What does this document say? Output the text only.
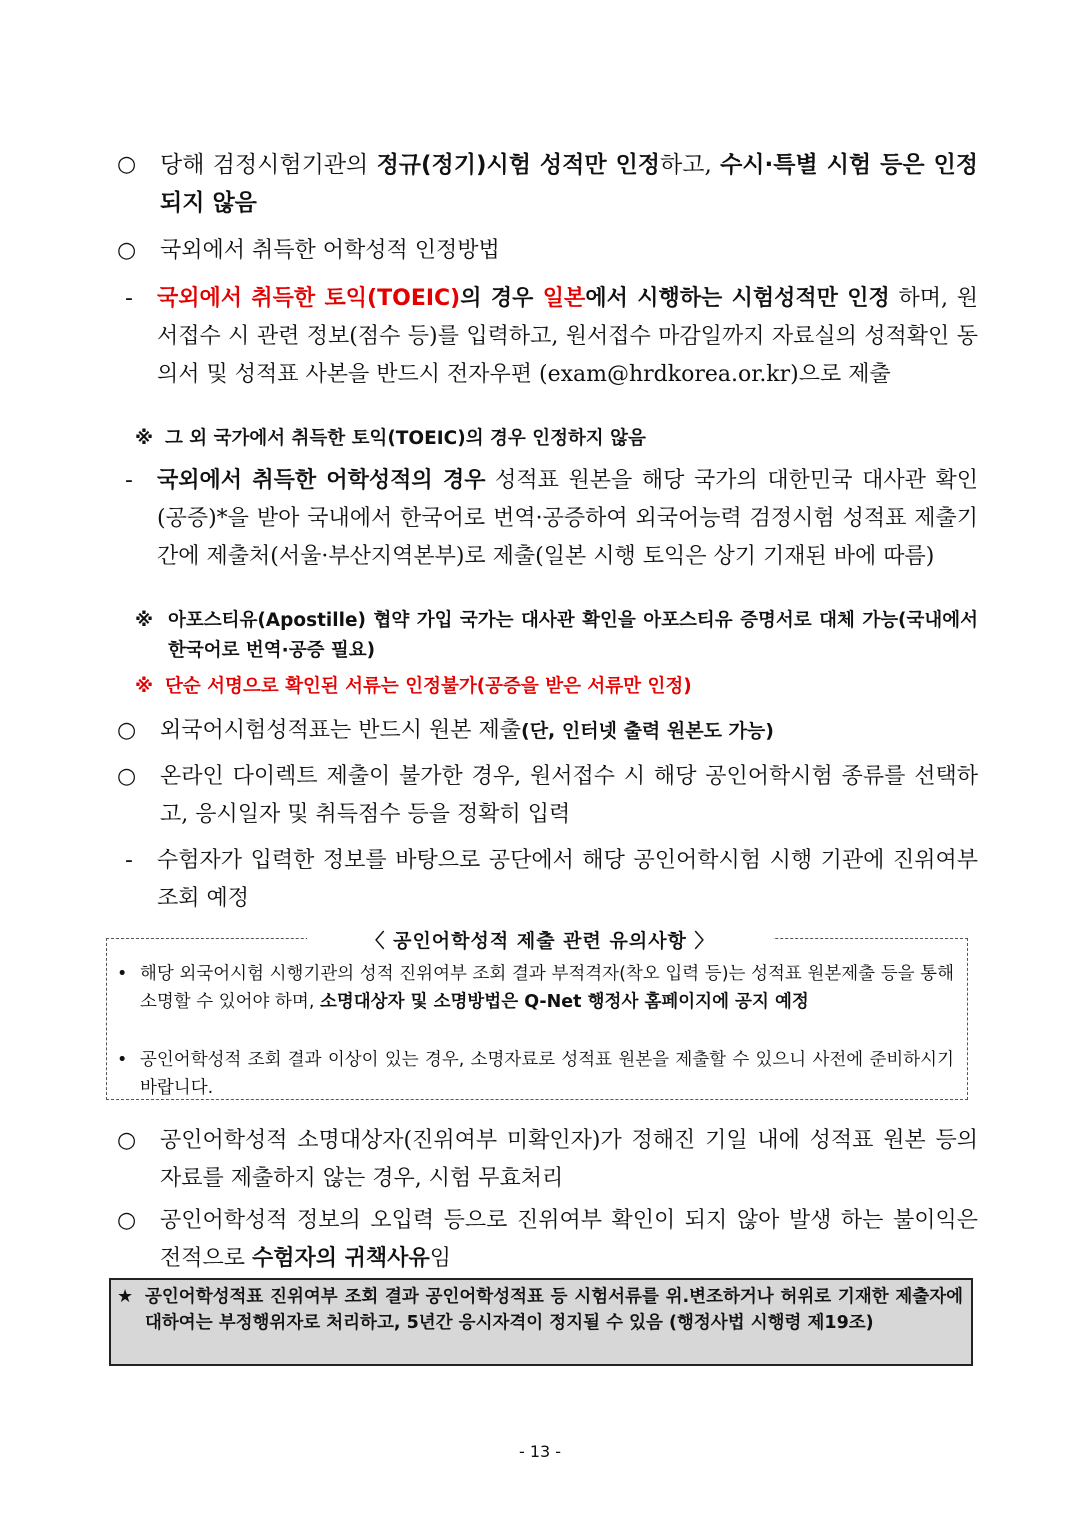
○ 당해 검정시험기관의 정규(정기)시험 성적만 인정하고, 수시·특별 시험 등은 인정되지 않음
○ 국외에서 취득한 어학성적 인정방법
- 국외에서 취득한 토익(TOEIC)의 경우 일본에서 시행하는 시험성적만 인정 하며, 원서접수 시 관련 정보(점수 등)를 입력하고, 원서접수 마감일까지 자료실의 성적확인 동의서 및 성적표 사본을 반드시 전자우편 (exam@hrdkorea.or.kr)으로 제출
※ 그 외 국가에서 취득한 토익(TOEIC)의 경우 인정하지 않음
- 국외에서 취득한 어학성적의 경우 성적표 원본을 해당 국가의 대한민국 대사관 확인(공증)*을 받아 국내에서 한국어로 번역·공증하여 외국어능력 검정시험 성적표 제출기간에 제출처(서울·부산지역본부)로 제출(일본 시행 토익은 상기 기재된 바에 따름)
※ 아포스티유(Apostille) 협약 가입 국가는 대사관 확인을 아포스티유 증명서로 대체 가능(국내에서 한국어로 번역·공증 필요)
※ 단순 서명으로 확인된 서류는 인정불가(공증을 받은 서류만 인정)
○ 외국어시험성적표는 반드시 원본 제출(단, 인터넷 출력 원본도 가능)
○ 온라인 다이렉트 제출이 불가한 경우, 원서접수 시 해당 공인어학시험 종류를 선택하고, 응시일자 및 취득점수 등을 정확히 입력
- 수험자가 입력한 정보를 바탕으로 공단에서 해당 공인어학시험 시행 기관에 진위여부 조회 예정
〈 공인어학성적 제출 관련 유의사항 〉
• 해당 외국어시험 시행기관의 성적 진위여부 조회 결과 부적격자(착오 입력 등)는 성적표 원본제출 등을 통해 소명할 수 있어야 하며, 소명대상자 및 소명방법은 Q-Net 행정사 홈페이지에 공지 예정
• 공인어학성적 조회 결과 이상이 있는 경우, 소명자료로 성적표 원본을 제출할 수 있으니 사전에 준비하시기 바랍니다.
○ 공인어학성적 소명대상자(진위여부 미확인자)가 정해진 기일 내에 성적표 원본 등의 자료를 제출하지 않는 경우, 시험 무효처리
○ 공인어학성적 정보의 오입력 등으로 진위여부 확인이 되지 않아 발생 하는 불이익은 전적으로 수험자의 귀책사유임
★ 공인어학성적표 진위여부 조회 결과 공인어학성적표 등 시험서류를 위.변조하거나 허위로 기재한 제출자에 대하여는 부정행위자로 처리하고, 5년간 응시자격이 정지될 수 있음 (행정사법 시행령 제19조)
- 13 -
